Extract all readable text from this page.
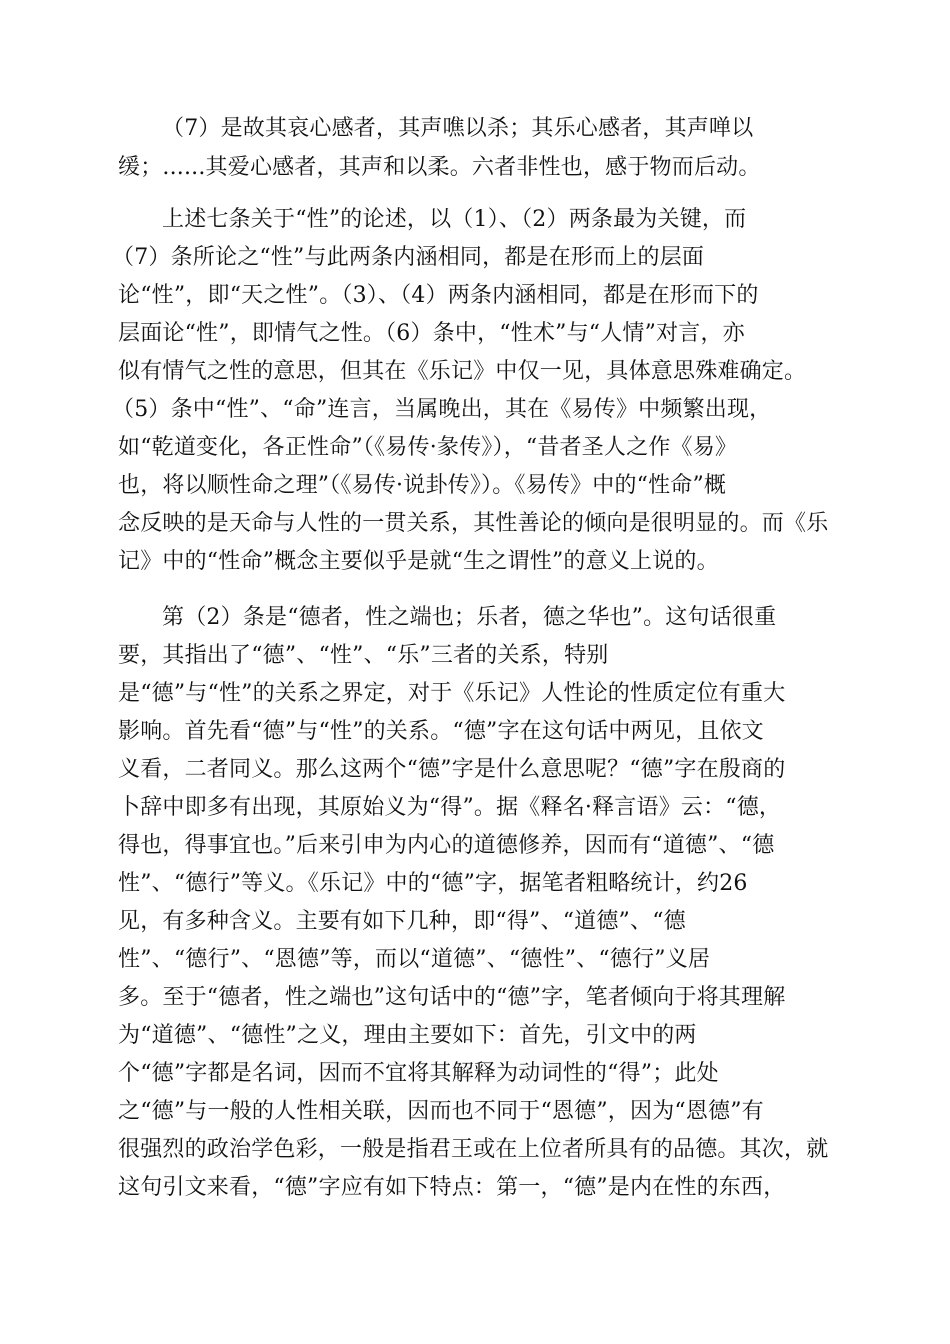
（7）是故其哀心感者，其声噍以杀；其乐心感者，其声啴以
缓；......其爱心感者，其声和以柔。六者非性也，感于物而后动。
上述七条关于“性”的论述，以（1）、（2）两条最为关键，而
（7）条所论之“性”与此两条内涵相同，都是在形而上的层面
论“性”，即“天之性”。（3）、（4）两条内涵相同，都是在形而下的
层面论“性”，即情气之性。（6）条中，“性术”与“人情”对言，亦
似有情气之性的意思，但其在《乐记》中仅一见，具体意思殊难确定。
（5）条中“性”、“命”连言，当属晚出，其在《易传》中频繁出现，
如“乾道变化，各正性命”（《易传·彖传》），“昔者圣人之作《易》
也，将以顺性命之理”（《易传·说卦传》）。《易传》中的“性命”概
念反映的是天命与人性的一贯关系，其性善论的倾向是很明显的。而《乐
记》中的“性命”概念主要似乎是就“生之谓性”的意义上说的。
第（2）条是“德者，性之端也；乐者，德之华也”。这句话很重
要，其指出了“德”、“性”、“乐”三者的关系，特别
是“德”与“性”的关系之界定，对于《乐记》人性论的性质定位有重大
影响。首先看“德”与“性”的关系。“德”字在这句话中两见，且依文
义看，二者同义。那么这两个“德”字是什么意思呢？“德”字在殷商的
卜辞中即多有出现，其原始义为“得”。据《释名·释言语》云：“德，
得也，得事宜也。”后来引申为内心的道德修养，因而有“道德”、“德
性”、“德行”等义。《乐记》中的“德”字，据笔者粗略统计，约26
见，有多种含义。主要有如下几种，即“得”、“道德”、“德
性”、“德行”、“恩德”等，而以“道德”、“德性”、“德行”义居
多。至于“德者，性之端也”这句话中的“德”字，笔者倾向于将其理解
为“道德”、“德性”之义，理由主要如下：首先，引文中的两
个“德”字都是名词，因而不宜将其解释为动词性的“得”；此处
之“德”与一般的人性相关联，因而也不同于“恩德”，因为“恩德”有
很强烈的政治学色彩，一般是指君王或在上位者所具有的品德。其次，就
这句引文来看，“德”字应有如下特点：第一，“德”是内在性的东西，
